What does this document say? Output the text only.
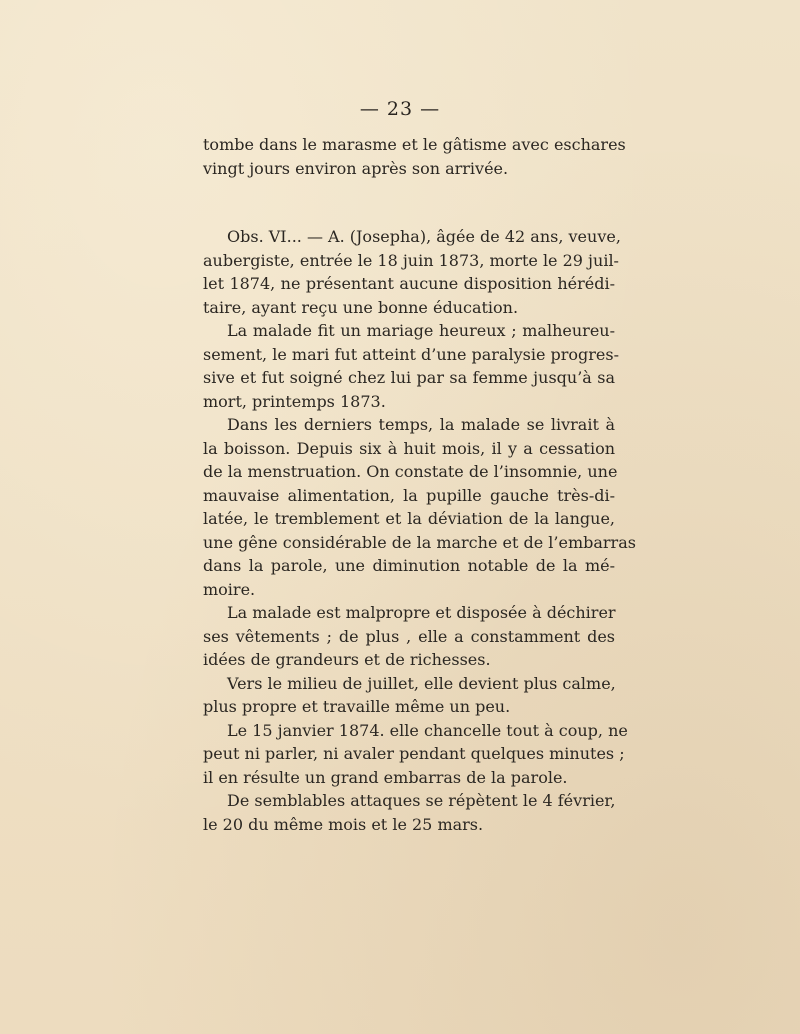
— 23 —
tombe dans le marasme et le gâtisme avec eschares
vingt jours environ après son arrivée.
Obs. VI... — A. (Josepha), âgée de 42 ans, veuve,
aubergiste, entrée le 18 juin 1873, morte le 29 juil-
let 1874, ne présentant aucune disposition hérédi-
taire, ayant reçu une bonne éducation.
La malade fit un mariage heureux ; malheureu-
sement, le mari fut atteint d’une paralysie progres-
sive et fut soigné chez lui par sa femme jusqu’à sa
mort, printemps 1873.
Dans les derniers temps, la malade se livrait à
la boisson. Depuis six à huit mois, il y a cessation
de la menstruation. On constate de l’insomnie, une
mauvaise alimentation, la pupille gauche très-di-
latée, le tremblement et la déviation de la langue,
une gêne considérable de la marche et de l’embarras
dans la parole, une diminution notable de la mé-
moire.
La malade est malpropre et disposée à déchirer
ses vêtements ; de plus , elle a constamment des
idées de grandeurs et de richesses.
Vers le milieu de juillet, elle devient plus calme,
plus propre et travaille même un peu.
Le 15 janvier 1874. elle chancelle tout à coup, ne
peut ni parler, ni avaler pendant quelques minutes ;
il en résulte un grand embarras de la parole.
De semblables attaques se répètent le 4 février,
le 20 du même mois et le 25 mars.
